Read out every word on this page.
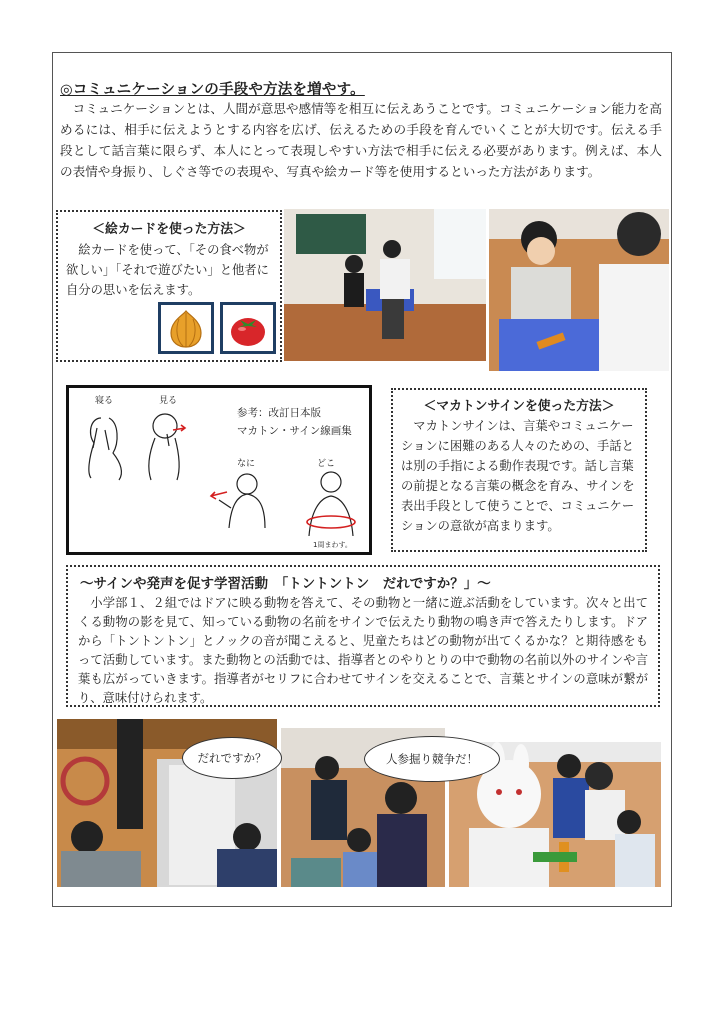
◎コミュニケーションの手段や方法を増やす。

コミュニケーションとは、人間が意思や感情等を相互に伝えあうことです。コミュニケーション能力を高めるには、相手に伝えようとする内容を広げ、伝えるための手段を育んでいくことが大切です。伝える手段として話言葉に限らず、本人にとって表現しやすい方法で相手に伝える必要があります。例えば、本人の表情や身振り、しぐさ等での表現や、写真や絵カード等を使用するといった方法があります。

＜絵カードを使った方法＞

絵カードを使って、「その食べ物が欲しい」「それで遊びたい」と他者に自分の思いを伝えます。

寝る	見る
なに	どこ
1周まわす。
参考：改訂日本版
マカトン・サイン線画集

＜マカトンサインを使った方法＞

マカトンサインは、言葉やコミュニケーションに困難のある人々のための、手話とは別の手指による動作表現です。話し言葉の前提となる言葉の概念を育み、サインを表出手段として使うことで、コミュニケーションの意欲が高まります。

～サインや発声を促す学習活動　「トントントン　だれですか？」～

小学部１、２組ではドアに映る動物を答えて、その動物と一緒に遊ぶ活動をしています。次々と出てくる動物の影を見て、知っている動物の名前をサインで伝えたり動物の鳴き声で答えたりします。ドアから「トントントン」とノックの音が聞こえると、児童たちはどの動物が出てくるかな？と期待感をもって活動しています。また動物との活動では、指導者とのやりとりの中で動物の名前以外のサインや言葉も広がっていきます。指導者がセリフに合わせてサインを交えることで、言葉とサインの意味が繋がり、意味付けられます。

だれですか？	人参掘り競争だ！
